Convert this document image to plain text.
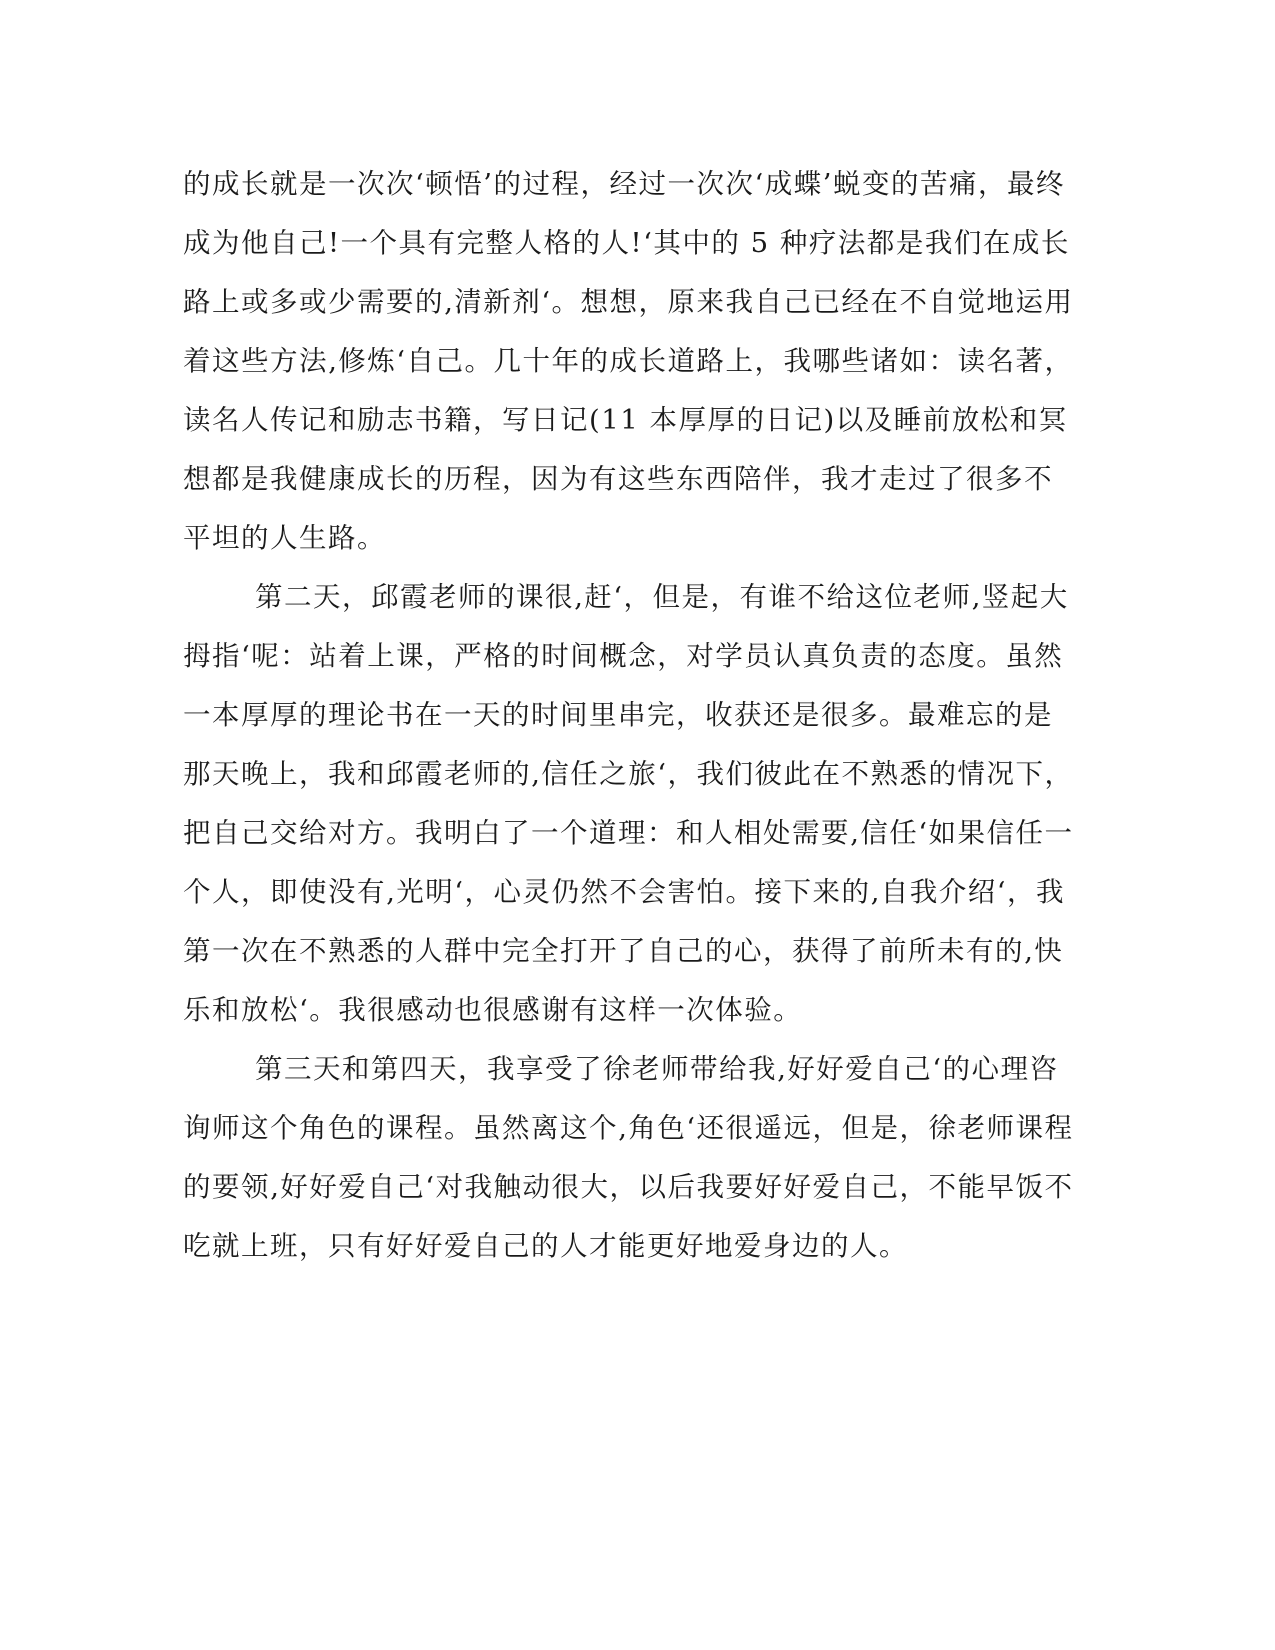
的成长就是一次次‘顿悟’的过程，经过一次次‘成蝶’蜕变的苦痛，最终
成为他自己!一个具有完整人格的人!‘其中的 5 种疗法都是我们在成长
路上或多或少需要的‚清新剂‘。想想，原来我自己已经在不自觉地运用
着这些方法‚修炼‘自己。几十年的成长道路上，我哪些诸如：读名著，
读名人传记和励志书籍，写日记(11 本厚厚的日记)以及睡前放松和冥
想都是我健康成长的历程，因为有这些东西陪伴，我才走过了很多不
平坦的人生路。
第二天，邱霞老师的课很‚赶‘，但是，有谁不给这位老师‚竖起大
拇指‘呢：站着上课，严格的时间概念，对学员认真负责的态度。虽然
一本厚厚的理论书在一天的时间里串完，收获还是很多。最难忘的是
那天晚上，我和邱霞老师的‚信任之旅‘，我们彼此在不熟悉的情况下，
把自己交给对方。我明白了一个道理：和人相处需要‚信任‘如果信任一
个人，即使没有‚光明‘，心灵仍然不会害怕。接下来的‚自我介绍‘，我
第一次在不熟悉的人群中完全打开了自己的心，获得了前所未有的‚快
乐和放松‘。我很感动也很感谢有这样一次体验。
第三天和第四天，我享受了徐老师带给我‚好好爱自己‘的心理咨
询师这个角色的课程。虽然离这个‚角色‘还很遥远，但是，徐老师课程
的要领‚好好爱自己‘对我触动很大，以后我要好好爱自己，不能早饭不
吃就上班，只有好好爱自己的人才能更好地爱身边的人。
